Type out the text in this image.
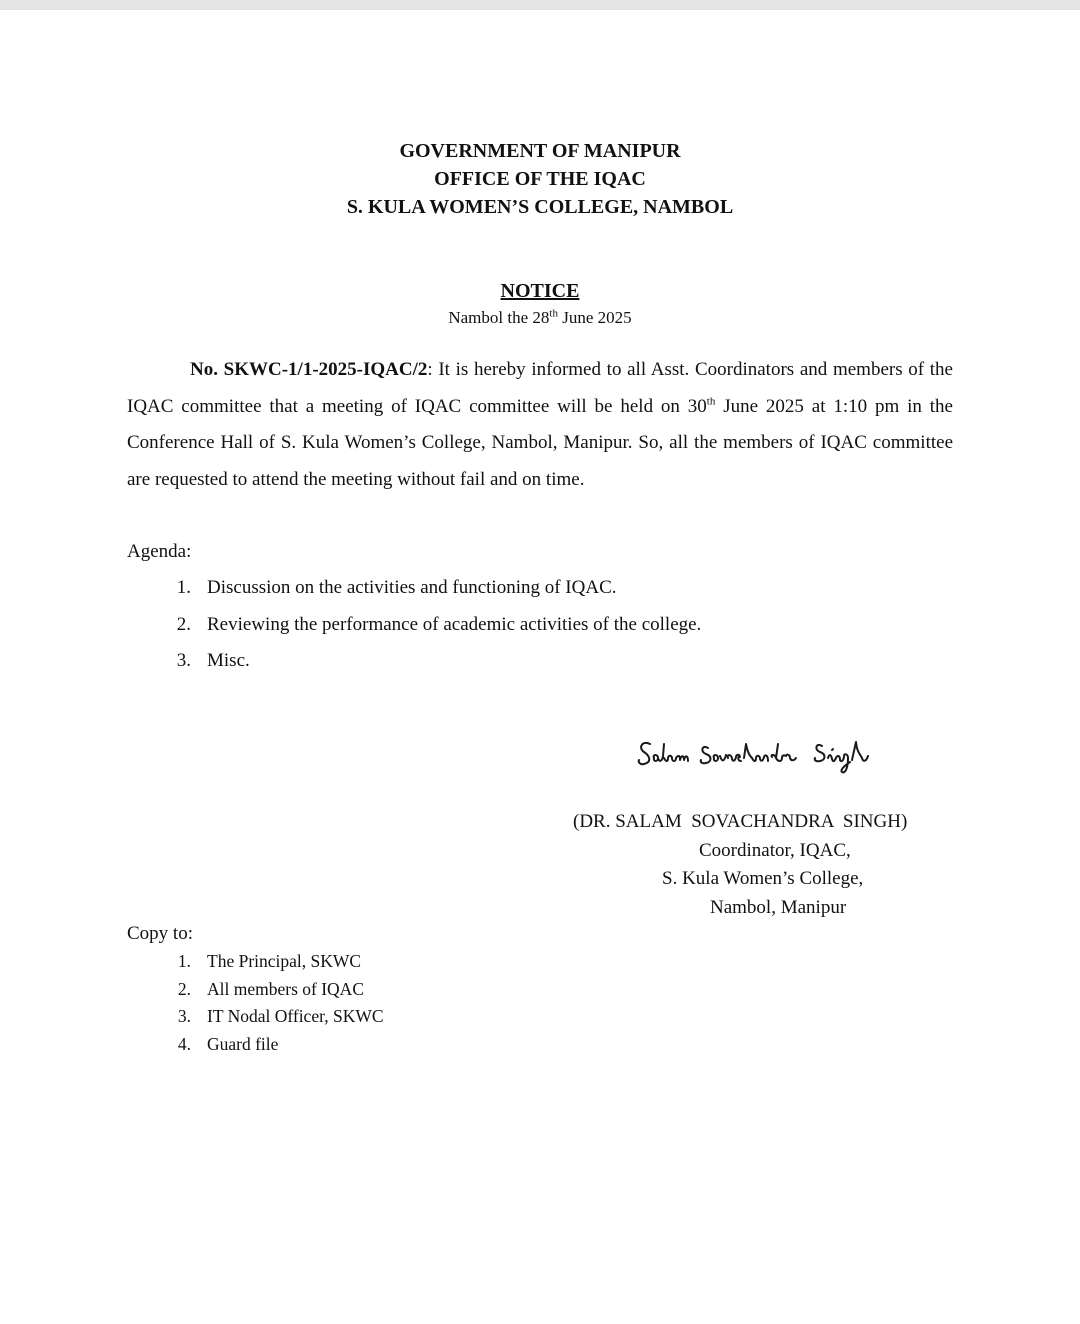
GOVERNMENT OF MANIPUR
OFFICE OF THE IQAC
S. KULA WOMEN’S COLLEGE, NAMBOL
NOTICE
Nambol the 28th June 2025

No. SKWC-1/1-2025-IQAC/2: It is hereby informed to all Asst. Coordinators and members of the IQAC committee that a meeting of IQAC committee will be held on 30th June 2025 at 1:10 pm in the Conference Hall of S. Kula Women’s College, Nambol, Manipur. So, all the members of IQAC committee are requested to attend the meeting without fail and on time.

Agenda:
1. Discussion on the activities and functioning of IQAC.
2. Reviewing the performance of academic activities of the college.
3. Misc.
(DR. SALAM  SOVACHANDRA  SINGH)
Coordinator, IQAC,
S. Kula Women’s College,
Nambol, Manipur
Copy to:
1. The Principal, SKWC
2. All members of IQAC
3. IT Nodal Officer, SKWC
4. Guard file
